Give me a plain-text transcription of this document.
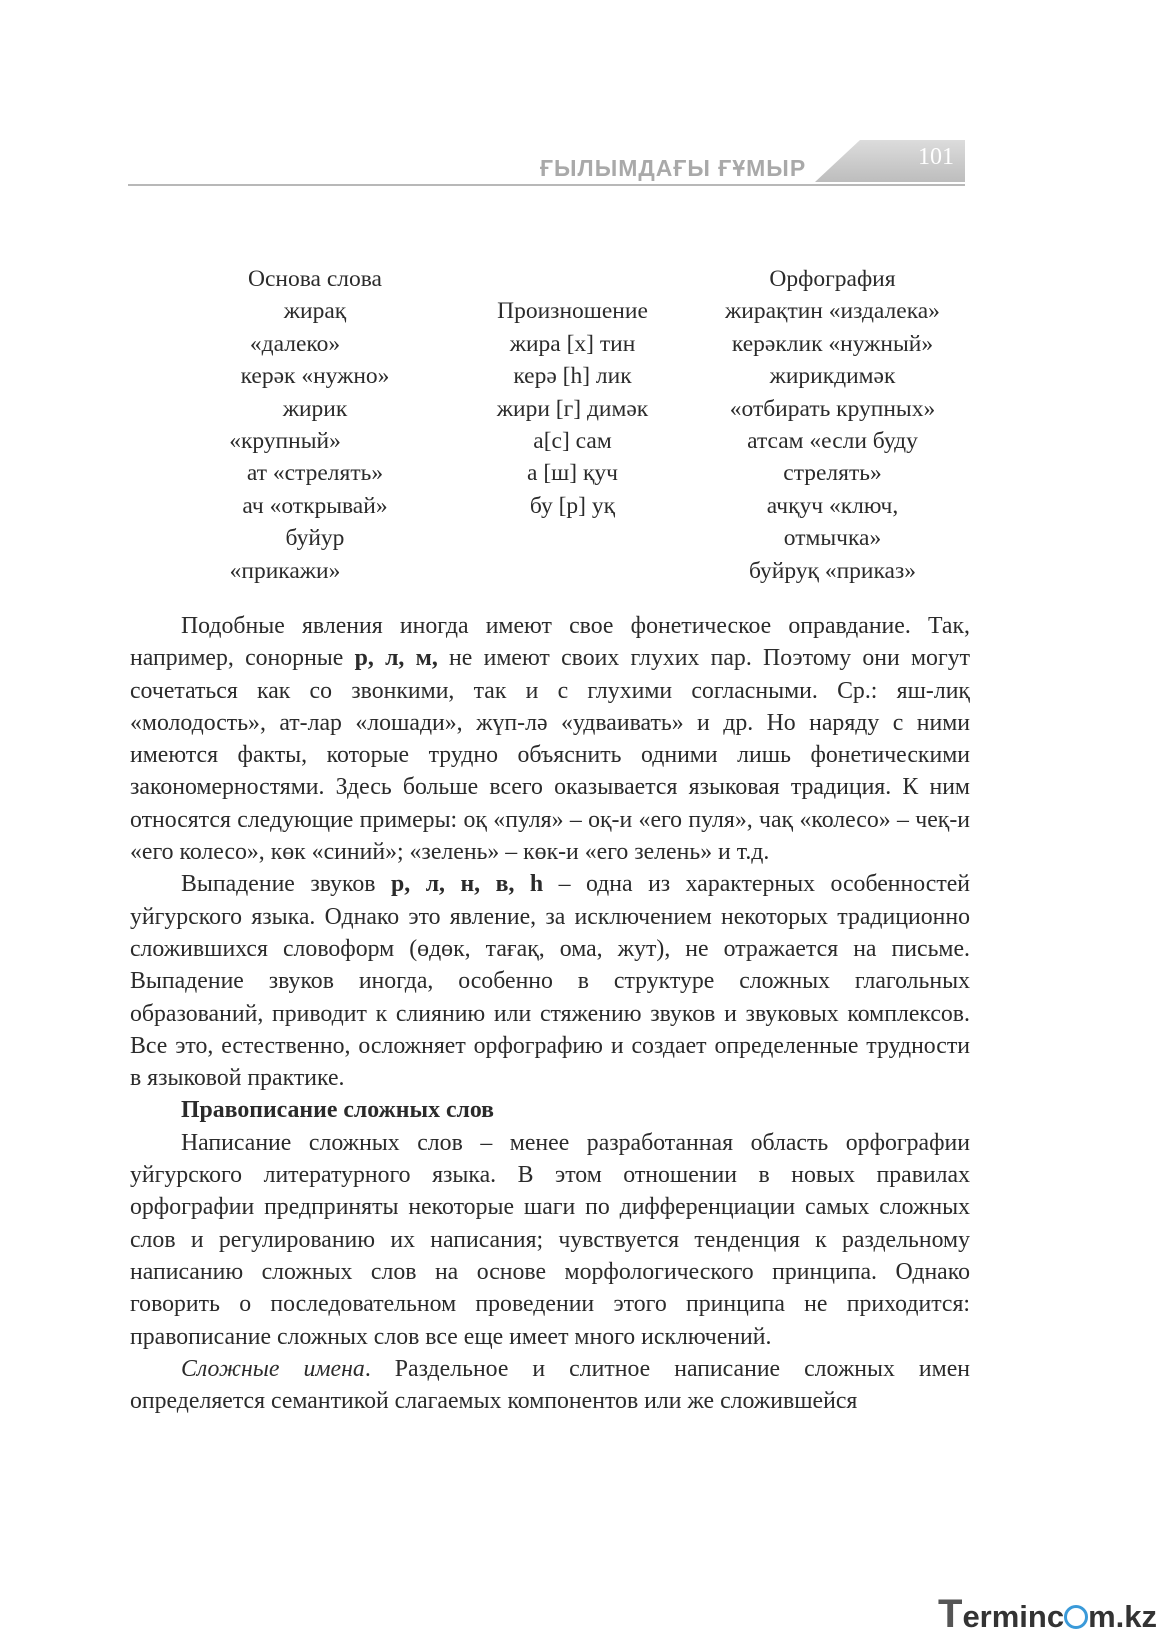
101
ҒЫЛЫМДАҒЫ ҒҰМЫР
Основа слова
жирақ
«далеко»
керәк «нужно»
жирик
«крупный»
ат «стрелять»
ач «открывай»
буйур
«прикажи»
Произношение
жира [х] тин
керә [h] лик
жири [г] димәк
а[с] сам
а [ш] қуч
бу [р] уқ
Орфография
жирақтин «издалека»
керәклик «нужный»
жирикдимәк
«отбирать крупных»
атсам «если буду
стрелять»
ачқуч «ключ,
отмычка»
буйруқ «приказ»

Подобные явления иногда имеют свое фонетическое оправдание. Так, например, сонорные р, л, м, не имеют своих глухих пар. Поэтому они могут сочетаться как со звонкими, так и с глухими согласными. Ср.: яш-лиқ «молодость», ат-лар «лошади», жүп-лә «удваивать» и др. Но наряду с ними имеются факты, которые трудно объяснить одними лишь фонетическими закономерностями. Здесь больше всего оказывается языковая традиция. К ним относятся следующие примеры: оқ «пуля» – оқ-и «его пуля», чақ «колесо» – чеқ-и «его колесо», көк «синий»; «зелень» – көк-и «его зелень» и т.д.

Выпадение звуков р, л, н, в, h – одна из характерных особенностей уйгурского языка. Однако это явление, за исключением некоторых традиционно сложившихся словоформ (өдөк, тағақ, ома, жут), не отражается на письме. Выпадение звуков иногда, особенно в структуре сложных глагольных образований, приводит к слиянию или стяжению звуков и звуковых комплексов. Все это, естественно, осложняет орфографию и создает определенные трудности в языковой практике.

Правописание сложных слов

Написание сложных слов – менее разработанная область орфографии уйгурского литературного языка. В этом отношении в новых правилах орфографии предприняты некоторые шаги по дифференциации самых сложных слов и регулированию их написания; чувствуется тенденция к раздельному написанию сложных слов на основе морфологического принципа. Однако говорить о последовательном проведении этого принципа не приходится: правописание сложных слов все еще имеет много исключений.

Сложные имена. Раздельное и слитное написание сложных имен определяется семантикой слагаемых компонентов или же сложившейся

Terminc m.kz
